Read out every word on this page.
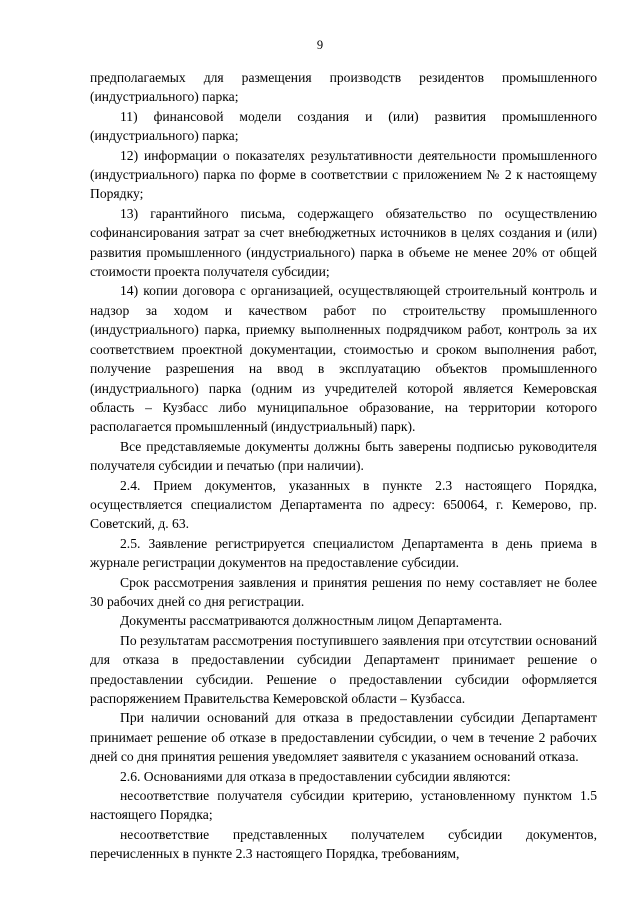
9

предполагаемых для размещения производств резидентов промышленного (индустриального) парка;

11) финансовой модели создания и (или) развития промышленного (индустриального) парка;

12) информации о показателях результативности деятельности промышленного (индустриального) парка по форме в соответствии с приложением № 2 к настоящему Порядку;

13) гарантийного письма, содержащего обязательство по осуществлению софинансирования затрат за счет внебюджетных источников в целях создания и (или) развития промышленного (индустриального) парка в объеме не менее 20% от общей стоимости проекта получателя субсидии;

14) копии договора с организацией, осуществляющей строительный контроль и надзор за ходом и качеством работ по строительству промышленного (индустриального) парка, приемку выполненных подрядчиком работ, контроль за их соответствием проектной документации, стоимостью и сроком выполнения работ, получение разрешения на ввод в эксплуатацию объектов промышленного (индустриального) парка (одним из учредителей которой является Кемеровская область – Кузбасс либо муниципальное образование, на территории которого располагается промышленный (индустриальный) парк).

Все представляемые документы должны быть заверены подписью руководителя получателя субсидии и печатью (при наличии).

2.4. Прием документов, указанных в пункте 2.3 настоящего Порядка, осуществляется специалистом Департамента по адресу: 650064, г. Кемерово, пр. Советский, д. 63.

2.5. Заявление регистрируется специалистом Департамента в день приема в журнале регистрации документов на предоставление субсидии.

Срок рассмотрения заявления и принятия решения по нему составляет не более 30 рабочих дней со дня регистрации.

Документы рассматриваются должностным лицом Департамента.

По результатам рассмотрения поступившего заявления при отсутствии оснований для отказа в предоставлении субсидии Департамент принимает решение о предоставлении субсидии. Решение о предоставлении субсидии оформляется распоряжением Правительства Кемеровской области – Кузбасса.

При наличии оснований для отказа в предоставлении субсидии Департамент принимает решение об отказе в предоставлении субсидии, о чем в течение 2 рабочих дней со дня принятия решения уведомляет заявителя с указанием оснований отказа.

2.6. Основаниями для отказа в предоставлении субсидии являются:

несоответствие получателя субсидии критерию, установленному пунктом 1.5 настоящего Порядка;

несоответствие представленных получателем субсидии документов, перечисленных в пункте 2.3 настоящего Порядка, требованиям,
